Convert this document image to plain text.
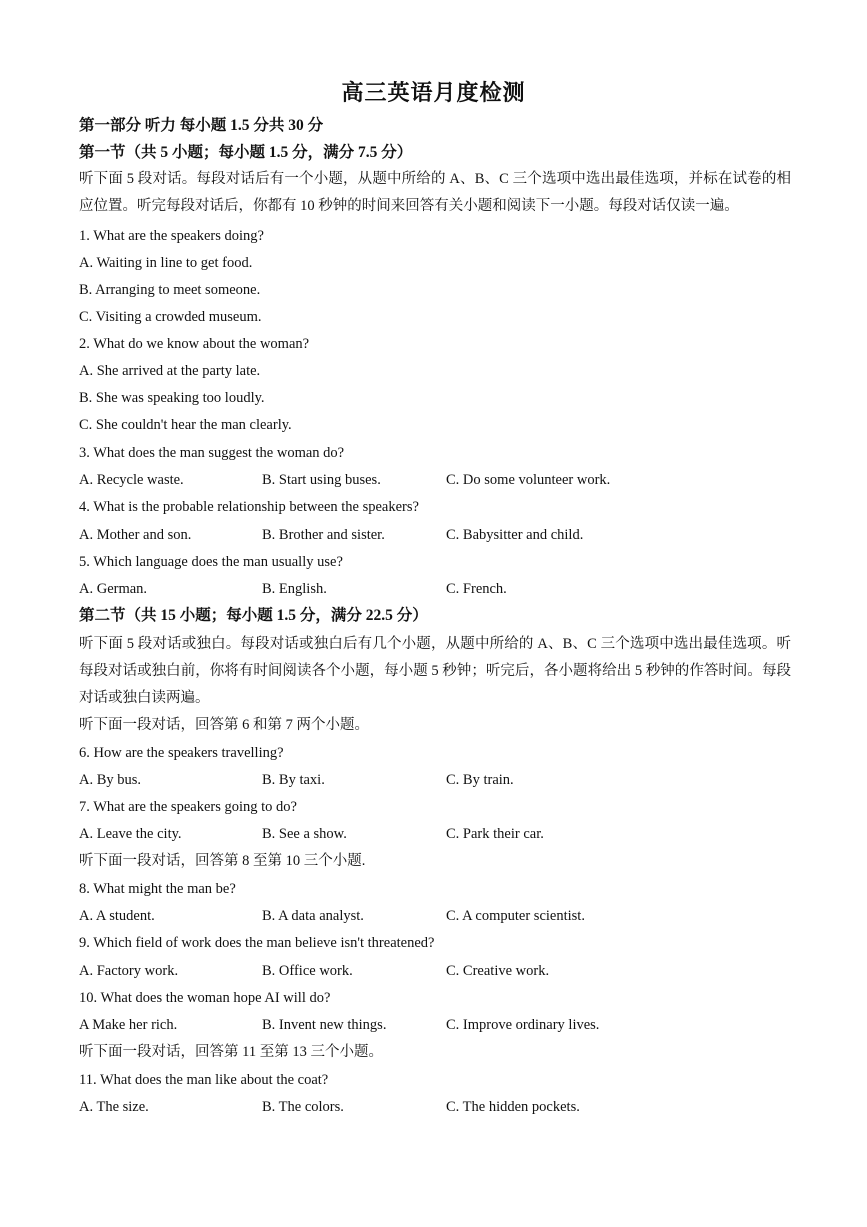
高三英语月度检测
第一部分 听力 每小题 1.5 分共 30 分
第一节（共 5 小题；每小题 1.5 分，满分 7.5 分）
听下面 5 段对话。每段对话后有一个小题，从题中所给的 A、B、C 三个选项中选出最佳选项，并标在试卷的相应位置。听完每段对话后，你都有 10 秒钟的时间来回答有关小题和阅读下一小题。每段对话仅读一遍。
1. What are the speakers doing?
A. Waiting in line to get food.
B. Arranging to meet someone.
C. Visiting a crowded museum.
2. What do we know about the woman?
A. She arrived at the party late.
B. She was speaking too loudly.
C. She couldn't hear the man clearly.
3. What does the man suggest the woman do?
A. Recycle waste.	B. Start using buses.	C. Do some volunteer work.
4. What is the probable relationship between the speakers?
A. Mother and son.	B. Brother and sister.	C. Babysitter and child.
5. Which language does the man usually use?
A. German.	B. English.	C. French.
第二节（共 15 小题；每小题 1.5 分，满分 22.5 分）
听下面 5 段对话或独白。每段对话或独白后有几个小题，从题中所给的 A、B、C 三个选项中选出最佳选项。听每段对话或独白前，你将有时间阅读各个小题，每小题 5 秒钟；听完后，各小题将给出 5 秒钟的作答时间。每段对话或独白读两遍。
听下面一段对话，回答第 6 和第 7 两个小题。
6. How are the speakers travelling?
A. By bus.	B. By taxi.	C. By train.
7. What are the speakers going to do?
A. Leave the city.	B. See a show.	C. Park their car.
听下面一段对话，回答第 8 至第 10 三个小题.
8. What might the man be?
A. A student.	B. A data analyst.	C. A computer scientist.
9. Which field of work does the man believe isn't threatened?
A. Factory work.	B. Office work.	C. Creative work.
10. What does the woman hope AI will do?
A Make her rich.	B. Invent new things.	C. Improve ordinary lives.
听下面一段对话，回答第 11 至第 13 三个小题。
11. What does the man like about the coat?
A. The size.	B. The colors.	C. The hidden pockets.
